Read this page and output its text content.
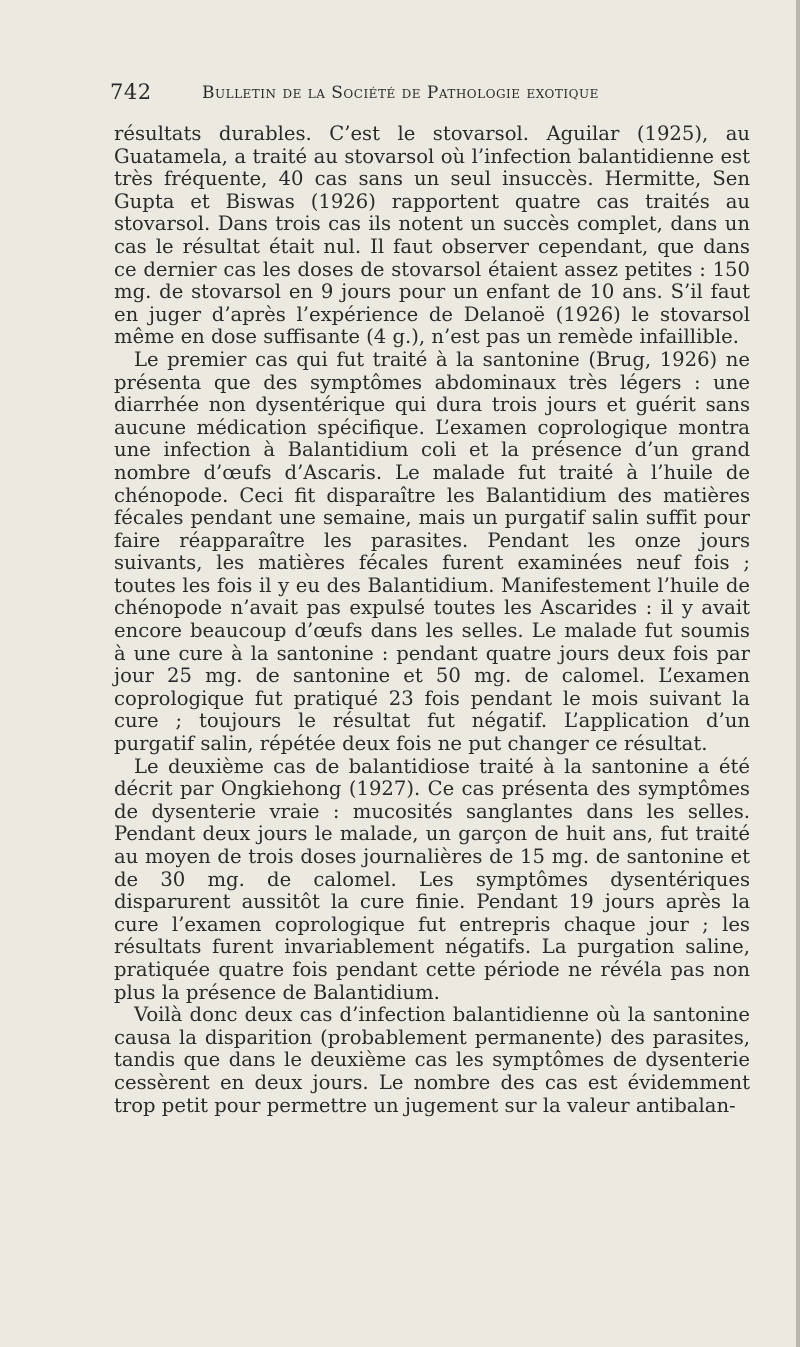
742	Bulletin de la Société de Pathologie exotique

résultats durables. C’est le stovarsol. Aguilar (1925), au Guatamela, a traité au stovarsol où l’infection balantidienne est très fréquente, 40 cas sans un seul insuccès. Hermitte, Sen Gupta et Biswas (1926) rapportent quatre cas traités au stovarsol. Dans trois cas ils notent un succès complet, dans un cas le résultat était nul. Il faut observer cependant, que dans ce dernier cas les doses de stovarsol étaient assez petites : 150 mg. de stovarsol en 9 jours pour un enfant de 10 ans. S’il faut en juger d’après l’expérience de Delanoë (1926) le stovarsol même en dose suffisante (4 g.), n’est pas un remède infaillible.

Le premier cas qui fut traité à la santonine (Brug, 1926) ne présenta que des symptômes abdominaux très légers : une diarrhée non dysentérique qui dura trois jours et guérit sans aucune médication spécifique. L’examen coprologique montra une infection à Balantidium coli et la présence d’un grand nombre d’œufs d’Ascaris. Le malade fut traité à l’huile de chénopode. Ceci fit disparaître les Balantidium des matières fécales pendant une semaine, mais un purgatif salin suffit pour faire réapparaître les parasites. Pendant les onze jours suivants, les matières fécales furent examinées neuf fois ; toutes les fois il y eu des Balantidium. Manifestement l’huile de chénopode n’avait pas expulsé toutes les Ascarides : il y avait encore beaucoup d’œufs dans les selles. Le malade fut soumis à une cure à la santonine : pendant quatre jours deux fois par jour 25 mg. de santonine et 50 mg. de calomel. L’examen coprologique fut pratiqué 23 fois pendant le mois suivant la cure ; toujours le résultat fut négatif. L’application d’un purgatif salin, répétée deux fois ne put changer ce résultat.

Le deuxième cas de balantidiose traité à la santonine a été décrit par Ongkiehong (1927). Ce cas présenta des symptômes de dysenterie vraie : mucosités sanglantes dans les selles. Pendant deux jours le malade, un garçon de huit ans, fut traité au moyen de trois doses journalières de 15 mg. de santonine et de 30 mg. de calomel. Les symptômes dysentériques disparurent aussitôt la cure finie. Pendant 19 jours après la cure l’examen coprologique fut entrepris chaque jour ; les résultats furent invariablement négatifs. La purgation saline, pratiquée quatre fois pendant cette période ne révéla pas non plus la présence de Balantidium.

Voilà donc deux cas d’infection balantidienne où la santonine causa la disparition (probablement permanente) des parasites, tandis que dans le deuxième cas les symptômes de dysenterie cessèrent en deux jours. Le nombre des cas est évidemment trop petit pour permettre un jugement sur la valeur antibalan-
